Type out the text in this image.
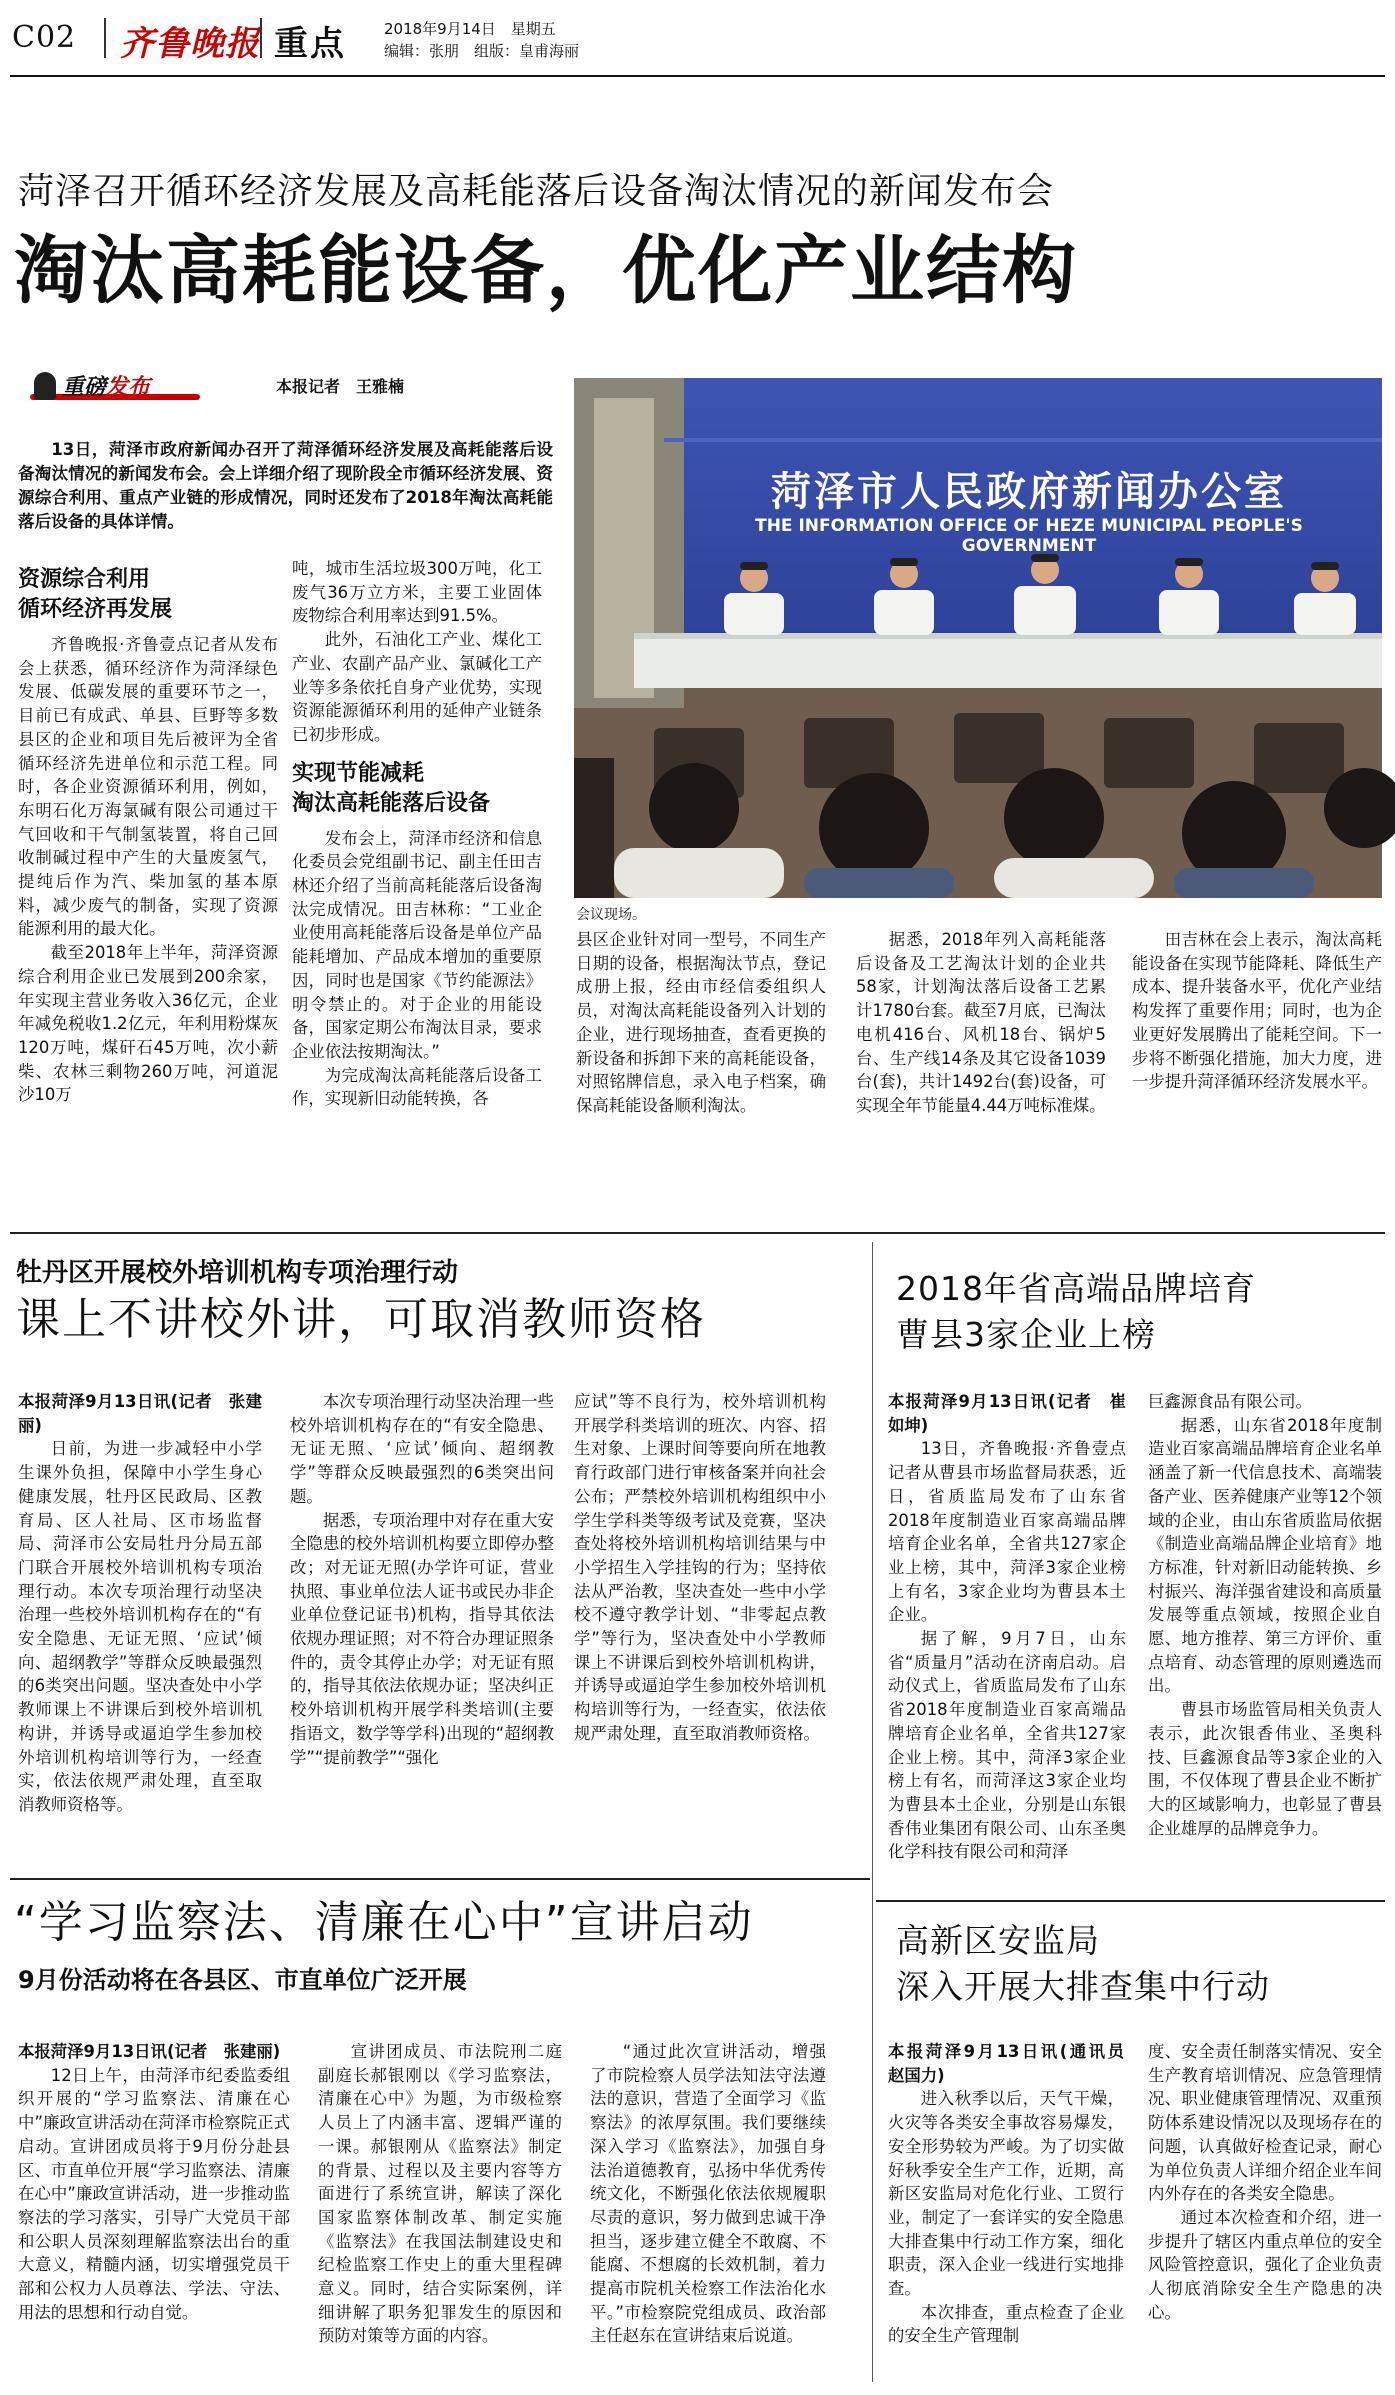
C02 齐鲁晚报 重点	2018年9月14日　星期五
编辑：张朋　组版：皇甫海丽
菏泽召开循环经济发展及高耗能落后设备淘汰情况的新闻发布会
淘汰高耗能设备，优化产业结构
重磅发布	本报记者　王雅楠
13日，菏泽市政府新闻办召开了菏泽循环经济发展及高耗能落后设备淘汰情况的新闻发布会。会上详细介绍了现阶段全市循环经济发展、资源综合利用、重点产业链的形成情况，同时还发布了2018年淘汰高耗能落后设备的具体详情。
菏泽市人民政府新闻办公室
THE INFORMATION OFFICE OF HEZE MUNICIPAL PEOPLE'S GOVERNMENT
会议现场。
资源综合利用
循环经济再发展

齐鲁晚报·齐鲁壹点记者从发布会上获悉，循环经济作为菏泽绿色发展、低碳发展的重要环节之一，目前已有成武、单县、巨野等多数县区的企业和项目先后被评为全省循环经济先进单位和示范工程。同时，各企业资源循环利用，例如，东明石化万海氯碱有限公司通过干气回收和干气制氢装置，将自己回收制碱过程中产生的大量废氢气，提纯后作为汽、柴加氢的基本原料，减少废气的制备，实现了资源能源利用的最大化。

截至2018年上半年，菏泽资源综合利用企业已发展到200余家，年实现主营业务收入36亿元，企业年减免税收1.2亿元，年利用粉煤灰120万吨，煤矸石45万吨，次小薪柴、农林三剩物260万吨，河道泥沙10万

吨，城市生活垃圾300万吨，化工废气36万立方米，主要工业固体废物综合利用率达到91.5%。

此外，石油化工产业、煤化工产业、农副产品产业、氯碱化工产业等多条依托自身产业优势，实现资源能源循环利用的延伸产业链条已初步形成。

实现节能减耗
淘汰高耗能落后设备

发布会上，菏泽市经济和信息化委员会党组副书记、副主任田吉林还介绍了当前高耗能落后设备淘汰完成情况。田吉林称：“工业企业使用高耗能落后设备是单位产品能耗增加、产品成本增加的重要原因，同时也是国家《节约能源法》明令禁止的。对于企业的用能设备，国家定期公布淘汰目录，要求企业依法按期淘汰。”

为完成淘汰高耗能落后设备工作，实现新旧动能转换，各

县区企业针对同一型号，不同生产日期的设备，根据淘汰节点，登记成册上报，经由市经信委组织人员，对淘汰高耗能设备列入计划的企业，进行现场抽查，查看更换的新设备和拆卸下来的高耗能设备，对照铭牌信息，录入电子档案，确保高耗能设备顺利淘汰。

据悉，2018年列入高耗能落后设备及工艺淘汰计划的企业共58家，计划淘汰落后设备工艺累计1780台套。截至7月底，已淘汰电机416台、风机18台、锅炉5台、生产线14条及其它设备1039台(套)，共计1492台(套)设备，可实现全年节能量4.44万吨标准煤。

田吉林在会上表示，淘汰高耗能设备在实现节能降耗、降低生产成本、提升装备水平，优化产业结构发挥了重要作用；同时，也为企业更好发展腾出了能耗空间。下一步将不断强化措施，加大力度，进一步提升菏泽循环经济发展水平。

牡丹区开展校外培训机构专项治理行动
课上不讲校外讲，可取消教师资格

本报菏泽9月13日讯(记者　张建丽)

日前，为进一步减轻中小学生课外负担，保障中小学生身心健康发展，牡丹区民政局、区教育局、区人社局、区市场监督局、菏泽市公安局牡丹分局五部门联合开展校外培训机构专项治理行动。本次专项治理行动坚决治理一些校外培训机构存在的“有安全隐患、无证无照、‘应试’倾向、超纲教学”等群众反映最强烈的6类突出问题。坚决查处中小学教师课上不讲课后到校外培训机构讲，并诱导或逼迫学生参加校外培训机构培训等行为，一经查实，依法依规严肃处理，直至取消教师资格等。

本次专项治理行动坚决治理一些校外培训机构存在的“有安全隐患、无证无照、‘应试’倾向、超纲教学”等群众反映最强烈的6类突出问题。

据悉，专项治理中对存在重大安全隐患的校外培训机构要立即停办整改；对无证无照(办学许可证，营业执照、事业单位法人证书或民办非企业单位登记证书)机构，指导其依法依规办理证照；对不符合办理证照条件的，责令其停止办学；对无证有照的，指导其依法依规办证；坚决纠正校外培训机构开展学科类培训(主要指语文，数学等学科)出现的“超纲教学”“提前教学”“强化

应试”等不良行为，校外培训机构开展学科类培训的班次、内容、招生对象、上课时间等要向所在地教育行政部门进行审核备案并向社会公布；严禁校外培训机构组织中小学生学科类等级考试及竞赛，坚决查处将校外培训机构培训结果与中小学招生入学挂钩的行为；坚持依法从严治教，坚决查处一些中小学校不遵守教学计划、“非零起点教学”等行为，坚决查处中小学教师课上不讲课后到校外培训机构讲，并诱导或逼迫学生参加校外培训机构培训等行为，一经查实，依法依规严肃处理，直至取消教师资格。

2018年省高端品牌培育
曹县3家企业上榜

本报菏泽9月13日讯(记者　崔如坤)

13日，齐鲁晚报·齐鲁壹点记者从曹县市场监督局获悉，近日，省质监局发布了山东省2018年度制造业百家高端品牌培育企业名单，全省共127家企业上榜，其中，菏泽3家企业榜上有名，3家企业均为曹县本土企业。

据了解，9月7日，山东省“质量月”活动在济南启动。启动仪式上，省质监局发布了山东省2018年度制造业百家高端品牌培育企业名单，全省共127家企业上榜。其中，菏泽3家企业榜上有名，而菏泽这3家企业均为曹县本土企业，分别是山东银香伟业集团有限公司、山东圣奥化学科技有限公司和菏泽

巨鑫源食品有限公司。

据悉，山东省2018年度制造业百家高端品牌培育企业名单涵盖了新一代信息技术、高端装备产业、医养健康产业等12个领域的企业，由山东省质监局依据《制造业高端品牌企业培育》地方标准，针对新旧动能转换、乡村振兴、海洋强省建设和高质量发展等重点领域，按照企业自愿、地方推荐、第三方评价、重点培育、动态管理的原则遴选而出。

曹县市场监管局相关负责人表示，此次银香伟业、圣奥科技、巨鑫源食品等3家企业的入围，不仅体现了曹县企业不断扩大的区域影响力，也彰显了曹县企业雄厚的品牌竞争力。

“学习监察法、清廉在心中”宣讲启动
9月份活动将在各县区、市直单位广泛开展

本报菏泽9月13日讯(记者　张建丽)

12日上午，由菏泽市纪委监委组织开展的“学习监察法、清廉在心中”廉政宣讲活动在菏泽市检察院正式启动。宣讲团成员将于9月份分赴县区、市直单位开展“学习监察法、清廉在心中”廉政宣讲活动，进一步推动监察法的学习落实，引导广大党员干部和公职人员深刻理解监察法出台的重大意义，精髓内涵，切实增强党员干部和公权力人员尊法、学法、守法、用法的思想和行动自觉。

宣讲团成员、市法院刑二庭副庭长郝银刚以《学习监察法，清廉在心中》为题，为市级检察人员上了内涵丰富、逻辑严谨的一课。郝银刚从《监察法》制定的背景、过程以及主要内容等方面进行了系统宣讲，解读了深化国家监察体制改革、制定实施《监察法》在我国法制建设史和纪检监察工作史上的重大里程碑意义。同时，结合实际案例，详细讲解了职务犯罪发生的原因和预防对策等方面的内容。

“通过此次宣讲活动，增强了市院检察人员学法知法守法遵法的意识，营造了全面学习《监察法》的浓厚氛围。我们要继续深入学习《监察法》，加强自身法治道德教育，弘扬中华优秀传统文化，不断强化依法依规履职尽责的意识，努力做到忠诚干净担当，逐步建立健全不敢腐、不能腐、不想腐的长效机制，着力提高市院机关检察工作法治化水平。”市检察院党组成员、政治部主任赵东在宣讲结束后说道。

高新区安监局
深入开展大排查集中行动

本报菏泽9月13日讯(通讯员　赵国力)

进入秋季以后，天气干燥，火灾等各类安全事故容易爆发，安全形势较为严峻。为了切实做好秋季安全生产工作，近期，高新区安监局对危化行业、工贸行业，制定了一套详实的安全隐患大排查集中行动工作方案，细化职责，深入企业一线进行实地排查。

本次排查，重点检查了企业的安全生产管理制

度、安全责任制落实情况、安全生产教育培训情况、应急管理情况、职业健康管理情况、双重预防体系建设情况以及现场存在的问题，认真做好检查记录，耐心为单位负责人详细介绍企业车间内外存在的各类安全隐患。

通过本次检查和介绍，进一步提升了辖区内重点单位的安全风险管控意识，强化了企业负责人彻底消除安全生产隐患的决心。
